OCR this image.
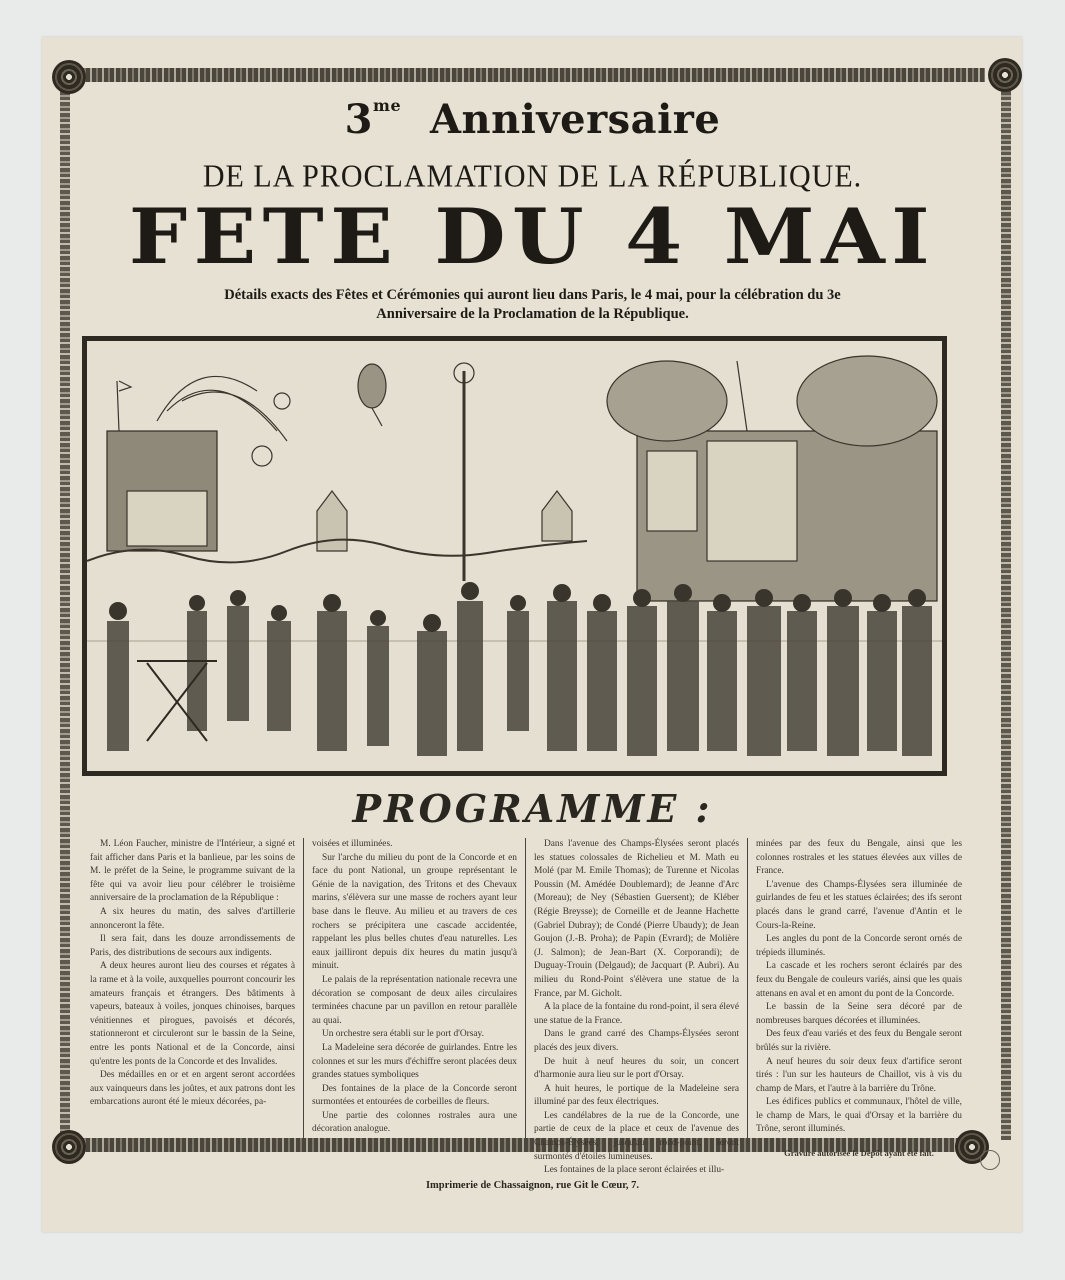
$3^{me}$ Anniversaire
DE LA PROCLAMATION DE LA RÉPUBLIQUE.
FETE DU 4 MAI
Détails exacts des Fêtes et Cérémonies qui auront lieu dans Paris, le 4 mai, pour la célébration du 3e Anniversaire de la Proclamation de la République.
PROGRAMME :

M. Léon Faucher, ministre de l'Intérieur, a signé et fait afficher dans Paris et la banlieue, par les soins de M. le préfet de la Seine, le programme suivant de la fête qui va avoir lieu pour célébrer le troisième anniversaire de la proclamation de la République :

A six heures du matin, des salves d'artillerie annonceront la fête.

Il sera fait, dans les douze arrondissements de Paris, des distributions de secours aux indigents.

A deux heures auront lieu des courses et régates à la rame et à la voile, auxquelles pourront concourir les amateurs français et étrangers. Des bâtiments à vapeurs, bateaux à voiles, jonques chinoises, barques vénitiennes et pirogues, pavoisés et décorés, stationneront et circuleront sur le bassin de la Seine, entre les ponts National et de la Concorde, ainsi qu'entre les ponts de la Concorde et des Invalides.

Des médailles en or et en argent seront accordées aux vainqueurs dans les joûtes, et aux patrons dont les embarcations auront été le mieux décorées, pa-

voisées et illuminées.

Sur l'arche du milieu du pont de la Concorde et en face du pont National, un groupe représentant le Génie de la navigation, des Tritons et des Chevaux marins, s'élèvera sur une masse de rochers ayant leur base dans le fleuve. Au milieu et au travers de ces rochers se précipitera une cascade accidentée, rappelant les plus belles chutes d'eau naturelles. Les eaux jailliront depuis dix heures du matin jusqu'à minuit.

Le palais de la représentation nationale recevra une décoration se composant de deux ailes circulaires terminées chacune par un pavillon en retour parallèle au quai.

Un orchestre sera établi sur le port d'Orsay.

La Madeleine sera décorée de guirlandes. Entre les colonnes et sur les murs d'échiffre seront placées deux grandes statues symboliques

Des fontaines de la place de la Concorde seront surmontées et entourées de corbeilles de fleurs.

Une partie des colonnes rostrales aura une décoration analogue.

Dans l'avenue des Champs-Élysées seront placés les statues colossales de Richelieu et M. Math eu Molé (par M. Emile Thomas); de Turenne et Nicolas Poussin (M. Amédée Doublemard); de Jeanne d'Arc (Moreau); de Ney (Sébastien Guersent); de Kléber (Régie Breysse); de Corneille et de Jeanne Hachette (Gabriel Dubray); de Condé (Pierre Ubaudy); de Jean Goujon (J.-B. Proha); de Papin (Evrard); de Molière (J. Salmon); de Jean-Bart (X. Corporandi); de Duguay-Trouin (Delgaud); de Jacquart (P. Aubri). Au milieu du Rond-Point s'élèvera une statue de la France, par M. Gicholt.

A la place de la fontaine du rond-point, il sera élevé une statue de la France.

Dans le grand carré des Champs-Élysées seront placés des jeux divers.

De huit à neuf heures du soir, un concert d'harmonie aura lieu sur le port d'Orsay.

A huit heures, le portique de la Madeleine sera illuminé par des feux électriques.

Les candélabres de la rue de la Concorde, une partie de ceux de la place et ceux de l'avenue des Champs-Élysées, jusqu'au rond-point, seront surmontés d'étoiles lumineuses.

Les fontaines de la place seront éclairées et illu-

minées par des feux du Bengale, ainsi que les colonnes rostrales et les statues élevées aux villes de France.

L'avenue des Champs-Élysées sera illuminée de guirlandes de feu et les statues éclairées; des ifs seront placés dans le grand carré, l'avenue d'Antin et le Cours-la-Reine.

Les angles du pont de la Concorde seront ornés de trépieds illuminés.

La cascade et les rochers seront éclairés par des feux du Bengale de couleurs variés, ainsi que les quais attenans en aval et en amont du pont de la Concorde.

Le bassin de la Seine sera décoré par de nombreuses barques décorées et illuminées.

Des feux d'eau variés et des feux du Bengale seront brûlés sur la rivière.

A neuf heures du soir deux feux d'artifice seront tirés : l'un sur les hauteurs de Chaillot, vis à vis du champ de Mars, et l'autre à la barrière du Trône.

Les édifices publics et communaux, l'hôtel de ville, le champ de Mars, le quai d'Orsay et la barrière du Trône, seront illuminés.

Gravure autorisée le Dépôt ayant été fait.

Imprimerie de Chassaignon, rue Git le Cœur, 7.
